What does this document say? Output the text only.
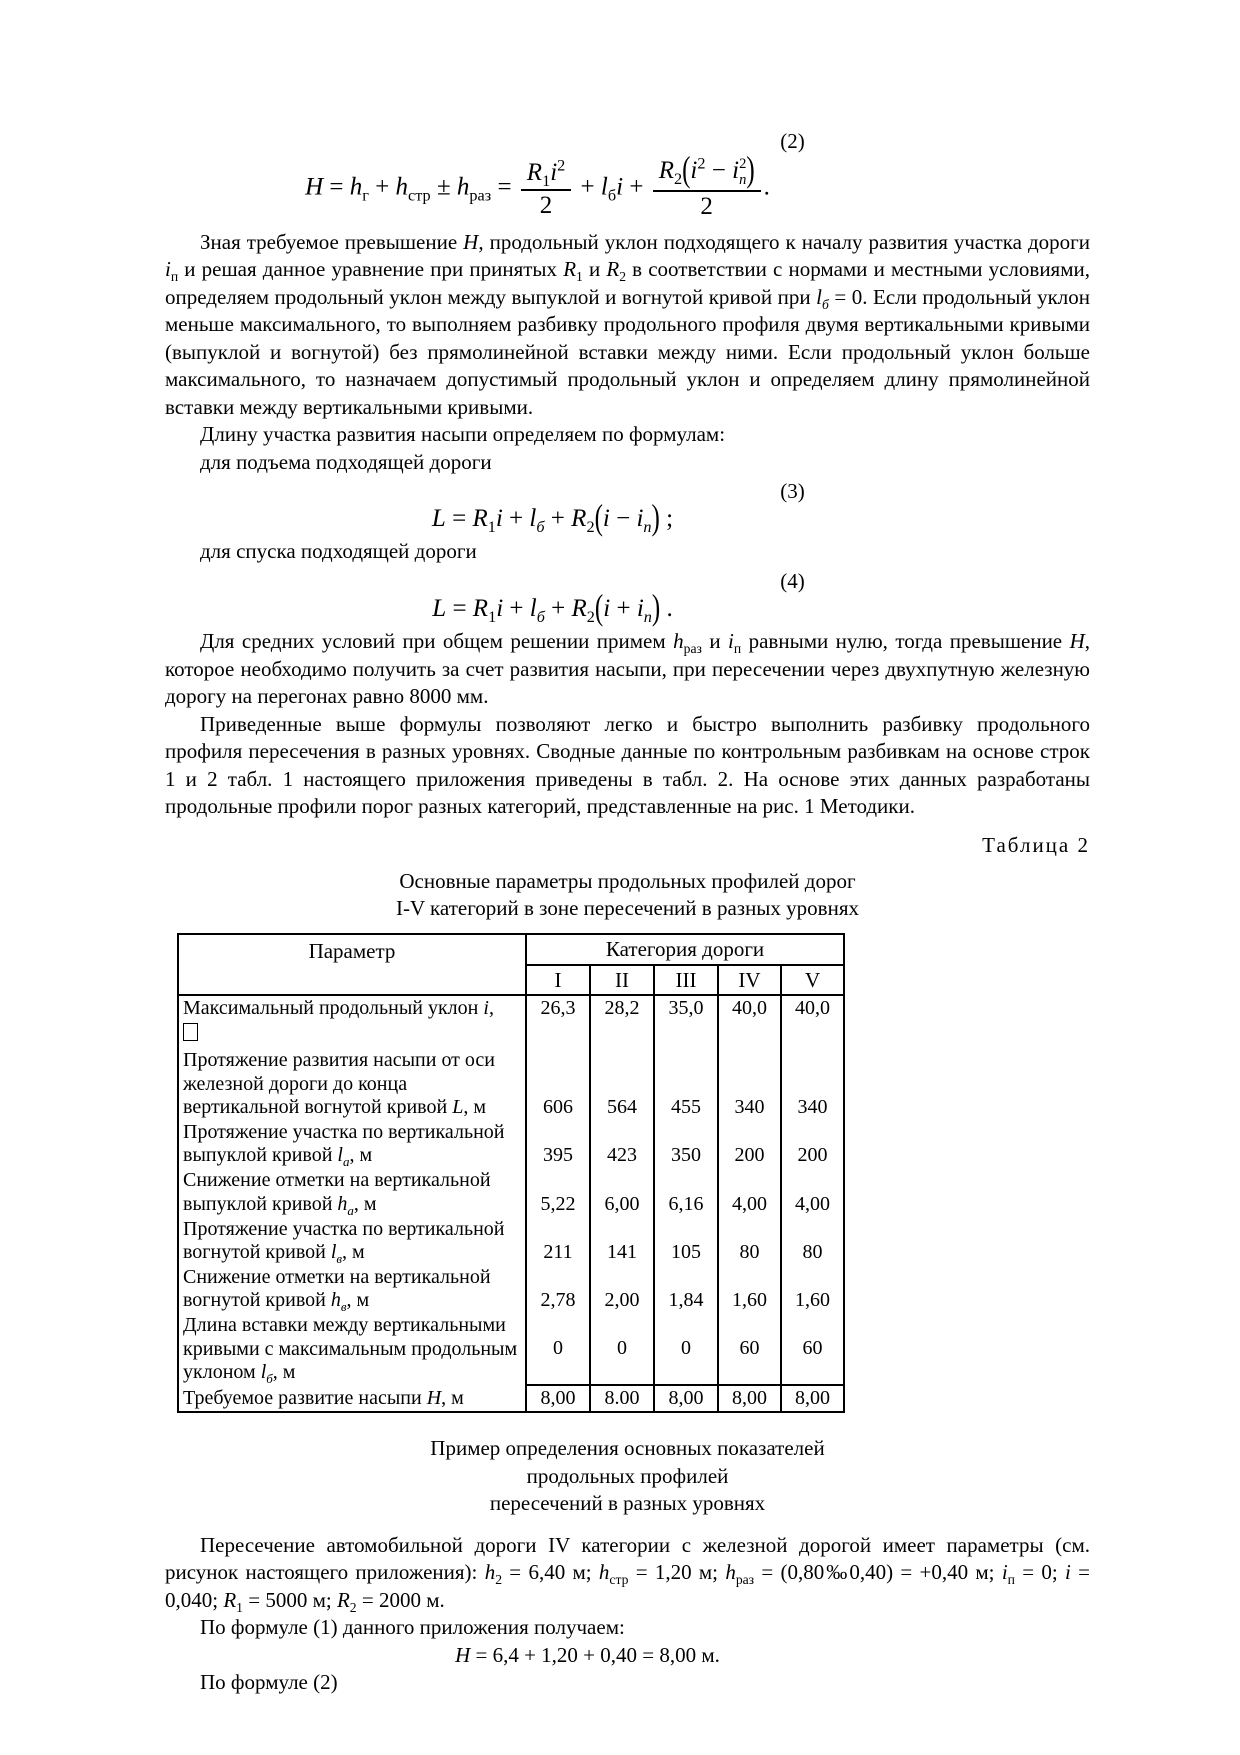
(2)
$H = h_г + h_{стр} \pm h_{раз} = \frac{R_1i^2}{2} + l_бi + R_2(i^2 - i$ 2
n )
2 .

Зная требуемое превышение H, продольный уклон подходящего к началу развития участка дороги $i_п$ и решая данное уравнение при принятых $R_1$ и $R_2$ в соответствии с нормами и местными условиями, определяем продольный уклон между выпуклой и вогнутой кривой при $l_б = 0$. Если продольный уклон меньше максимального, то выполняем разбивку продольного профиля двумя вертикальными кривыми (выпуклой и вогнутой) без прямолинейной вставки между ними. Если продольный уклон больше максимального, то назначаем допустимый продольный уклон и определяем длину прямолинейной вставки между вертикальными кривыми.

Длину участка развития насыпи определяем по формулам:
для подъема подходящей дороги
(3)
$L = R_1i + l_б + R_2(i - i_n)$ ;
для спуска подходящей дороги
(4)
$L = R_1i + l_б + R_2(i + i_n)$ .

Для средних условий при общем решении примем $h_{раз}$ и $i_п$ равными нулю, тогда превышение H, которое необходимо получить за счет развития насыпи, при пересечении через двухпутную железную дорогу на перегонах равно 8000 мм.

Приведенные выше формулы позволяют легко и быстро выполнить разбивку продольного профиля пересечения в разных уровнях. Сводные данные по контрольным разбивкам на основе строк 1 и 2 табл. 1 настоящего приложения приведены в табл. 2. На основе этих данных разработаны продольные профили порог разных категорий, представленные на рис. 1 Методики.

Таблица 2
Основные параметры продольных профилей дорог
I-V категорий в зоне пересечений в разных уровнях
Параметр	Категория дороги				
	I	II	III	IV	V
Максимальный продольный уклон i,	26,3	28,2	35,0	40,0	40,0
Протяжение развития насыпи от оси железной дороги до конца вертикальной вогнутой кривой L, м	606	564	455	340	340
Протяжение участка по вертикальной выпуклой кривой $l_а$, м	395	423	350	200	200
Снижение отметки на вертикальной выпуклой кривой $h_а$, м	5,22	6,00	6,16	4,00	4,00
Протяжение участка по вертикальной вогнутой кривой $l_в$, м	211	141	105	80	80
Снижение отметки на вертикальной вогнутой кривой $h_в$, м	2,78	2,00	1,84	1,60	1,60
Длина вставки между вертикальными кривыми с максимальным продольным уклоном $l_б$, м	0	0	0	60	60
Требуемое развитие насыпи H, м	8,00	8.00	8,00	8,00	8,00
Пример определения основных показателей
продольных профилей
пересечений в разных уровнях

Пересечение автомобильной дороги IV категории с железной дорогой имеет параметры (см. рисунок настоящего приложения): $h_2 = 6,40$ м; $h_{стр} = 1,20$ м; $h_{раз}$ = (0,80‰0,40) = +0,40 м; $i_п = 0$; i = 0,040; $R_1 = 5000$ м; $R_2 = 2000$ м.

По формуле (1) данного приложения получаем:
H = 6,4 + 1,20 + 0,40 = 8,00 м.
По формуле (2)
